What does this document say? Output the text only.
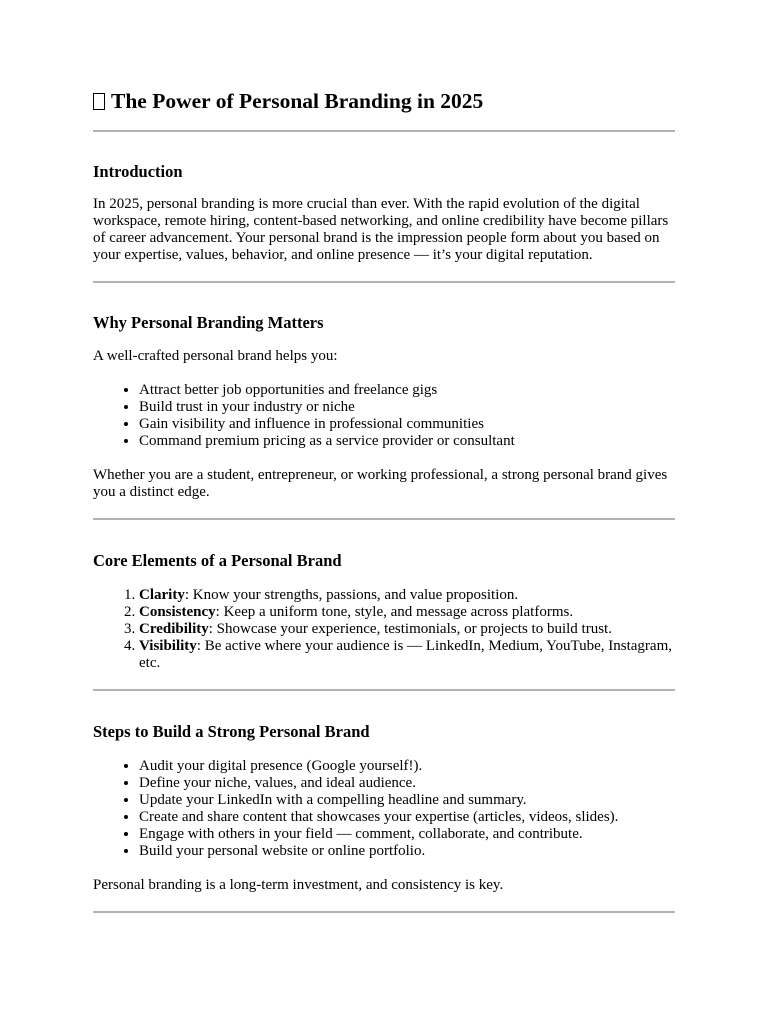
The Power of Personal Branding in 2025
Introduction

In 2025, personal branding is more crucial than ever. With the rapid evolution of the digital workspace, remote hiring, content-based networking, and online credibility have become pillars of career advancement. Your personal brand is the impression people form about you based on your expertise, values, behavior, and online presence — it’s your digital reputation.

Why Personal Branding Matters

A well-crafted personal brand helps you:

• Attract better job opportunities and freelance gigs
• Build trust in your industry or niche
• Gain visibility and influence in professional communities
• Command premium pricing as a service provider or consultant

Whether you are a student, entrepreneur, or working professional, a strong personal brand gives you a distinct edge.

Core Elements of a Personal Brand
1. Clarity: Know your strengths, passions, and value proposition.
2. Consistency: Keep a uniform tone, style, and message across platforms.
3. Credibility: Showcase your experience, testimonials, or projects to build trust.
4. Visibility: Be active where your audience is — LinkedIn, Medium, YouTube, Instagram, etc.
Steps to Build a Strong Personal Brand
• Audit your digital presence (Google yourself!).
• Define your niche, values, and ideal audience.
• Update your LinkedIn with a compelling headline and summary.
• Create and share content that showcases your expertise (articles, videos, slides).
• Engage with others in your field — comment, collaborate, and contribute.
• Build your personal website or online portfolio.

Personal branding is a long-term investment, and consistency is key.
